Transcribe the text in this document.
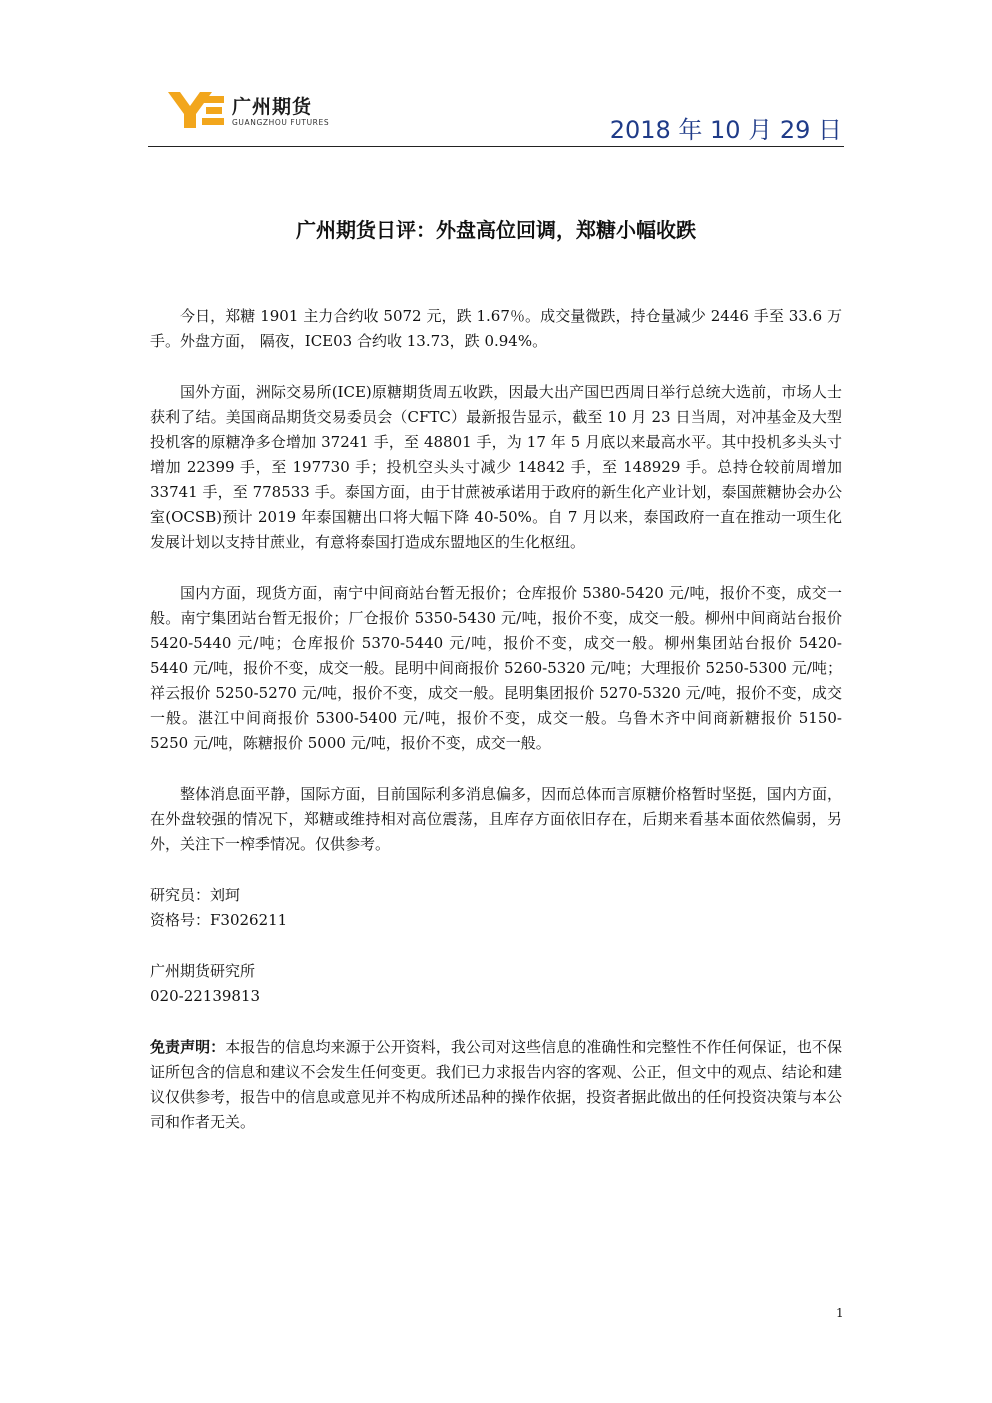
广州期货
GUANGZHOU FUTURES	2018 年 10 月 29 日
广州期货日评：外盘高位回调，郑糖小幅收跌

今日，郑糖 1901 主力合约收 5072 元，跌 1.67％。成交量微跌，持仓量减少 2446 手至 33.6 万手。外盘方面， 隔夜，ICE03 合约收 13.73，跌 0.94%。

国外方面，洲际交易所(ICE)原糖期货周五收跌，因最大出产国巴西周日举行总统大选前，市场人士获利了结。美国商品期货交易委员会（CFTC）最新报告显示，截至 10 月 23 日当周，对冲基金及大型投机客的原糖净多仓增加 37241 手，至 48801 手，为 17 年 5 月底以来最高水平。其中投机多头头寸增加 22399 手，至 197730 手；投机空头头寸减少 14842 手，至 148929 手。总持仓较前周增加 33741 手，至 778533 手。泰国方面，由于甘蔗被承诺用于政府的新生化产业计划，泰国蔗糖协会办公室(OCSB)预计 2019 年泰国糖出口将大幅下降 40-50%。自 7 月以来，泰国政府一直在推动一项生化发展计划以支持甘蔗业，有意将泰国打造成东盟地区的生化枢纽。

国内方面，现货方面，南宁中间商站台暂无报价；仓库报价 5380-5420 元/吨，报价不变，成交一般。南宁集团站台暂无报价；厂仓报价 5350-5430 元/吨，报价不变，成交一般。柳州中间商站台报价 5420-5440 元/吨；仓库报价 5370-5440 元/吨，报价不变，成交一般。柳州集团站台报价 5420-5440 元/吨，报价不变，成交一般。昆明中间商报价 5260-5320 元/吨；大理报价 5250-5300 元/吨；祥云报价 5250-5270 元/吨，报价不变，成交一般。昆明集团报价 5270-5320 元/吨，报价不变，成交一般。湛江中间商报价 5300-5400 元/吨，报价不变，成交一般。乌鲁木齐中间商新糖报价 5150-5250 元/吨，陈糖报价 5000 元/吨，报价不变，成交一般。

整体消息面平静，国际方面，目前国际利多消息偏多，因而总体而言原糖价格暂时坚挺，国内方面，在外盘较强的情况下，郑糖或维持相对高位震荡，且库存方面依旧存在，后期来看基本面依然偏弱，另外，关注下一榨季情况。仅供参考。

研究员：刘珂

资格号：F3026211

广州期货研究所

020-22139813

免责声明：本报告的信息均来源于公开资料，我公司对这些信息的准确性和完整性不作任何保证，也不保证所包含的信息和建议不会发生任何变更。我们已力求报告内容的客观、公正，但文中的观点、结论和建议仅供参考，报告中的信息或意见并不构成所述品种的操作依据，投资者据此做出的任何投资决策与本公司和作者无关。

1
